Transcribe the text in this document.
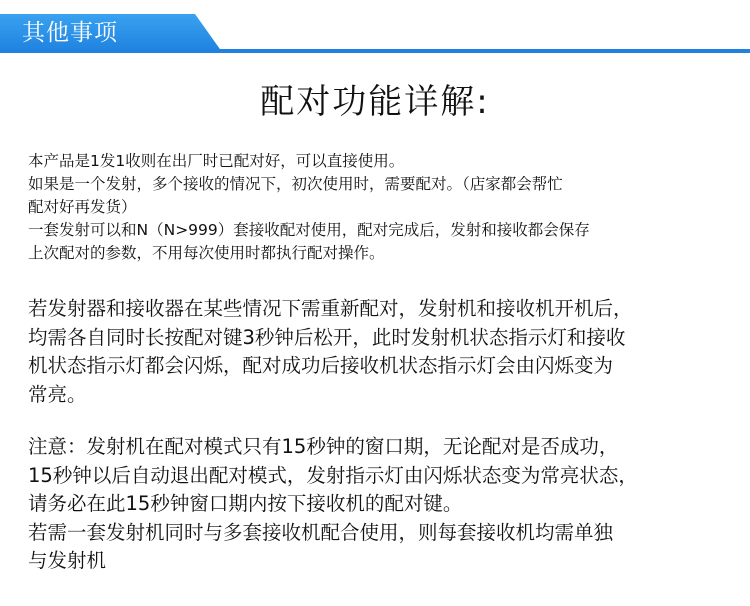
其他事项
配对功能详解:

本产品是1发1收则在出厂时已配对好，可以直接使用。

如果是一个发射，多个接收的情况下，初次使用时，需要配对。（店家都会帮忙

配对好再发货）

一套发射可以和N（N>999）套接收配对使用，配对完成后，发射和接收都会保存

上次配对的参数，不用每次使用时都执行配对操作。

若发射器和接收器在某些情况下需重新配对，发射机和接收机开机后，

均需各自同时长按配对键3秒钟后松开，此时发射机状态指示灯和接收

机状态指示灯都会闪烁，配对成功后接收机状态指示灯会由闪烁变为

常亮。

注意：发射机在配对模式只有15秒钟的窗口期，无论配对是否成功，

15秒钟以后自动退出配对模式，发射指示灯由闪烁状态变为常亮状态，

请务必在此15秒钟窗口期内按下接收机的配对键。

若需一套发射机同时与多套接收机配合使用，则每套接收机均需单独

与发射机
